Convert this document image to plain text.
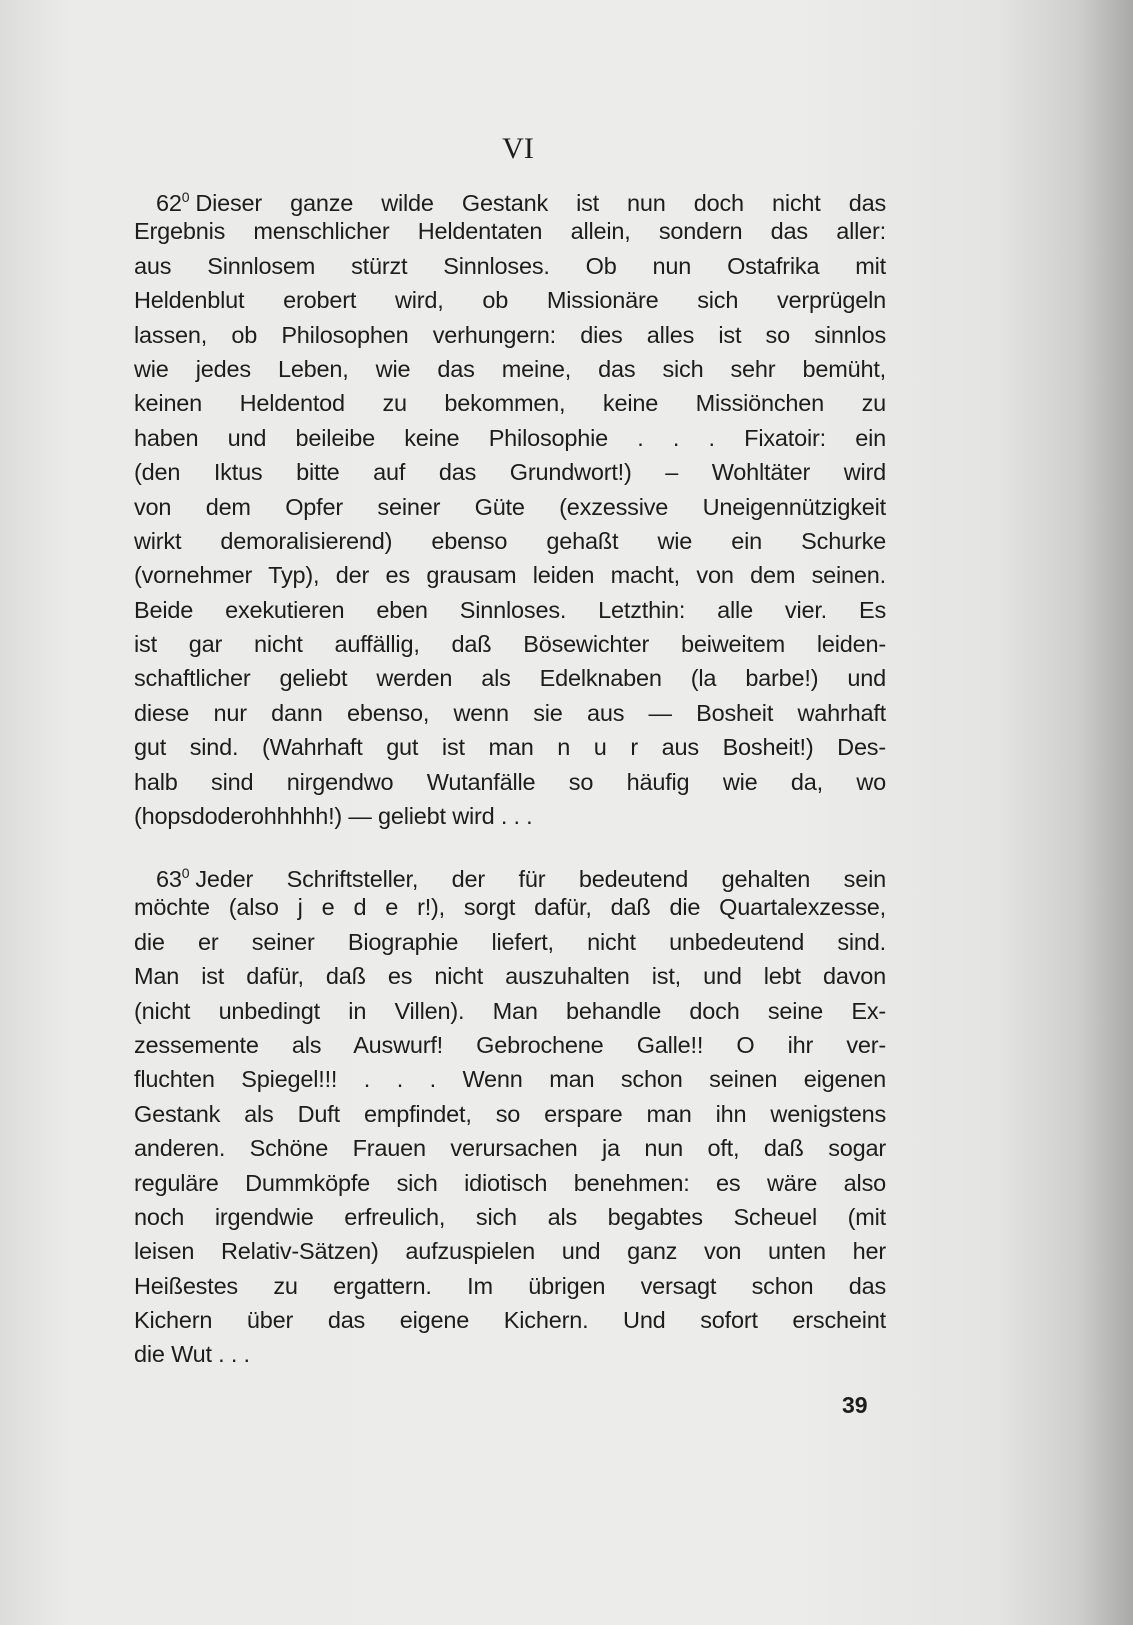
VI
$62^0$ Dieser ganze wilde Gestank ist nun doch nicht das
Ergebnis menschlicher Heldentaten allein, sondern das aller:
aus Sinnlosem stürzt Sinnloses. Ob nun Ostafrika mit
Heldenblut erobert wird, ob Missionäre sich verprügeln
lassen, ob Philosophen verhungern: dies alles ist so sinnlos
wie jedes Leben, wie das meine, das sich sehr bemüht,
keinen Heldentod zu bekommen, keine Missiönchen zu
haben und beileibe keine Philosophie . . . Fixatoir: ein
(den Iktus bitte auf das Grundwort!) – Wohltäter wird
von dem Opfer seiner Güte (exzessive Uneigennützigkeit
wirkt demoralisierend) ebenso gehaßt wie ein Schurke
(vornehmer Typ), der es grausam leiden macht, von dem seinen.
Beide exekutieren eben Sinnloses. Letzthin: alle vier. Es
ist gar nicht auffällig, daß Bösewichter beiweitem leiden-
schaftlicher geliebt werden als Edelknaben (la barbe!) und
diese nur dann ebenso, wenn sie aus — Bosheit wahrhaft
gut sind. (Wahrhaft gut ist man n u r aus Bosheit!) Des-
halb sind nirgendwo Wutanfälle so häufig wie da, wo
(hopsdoderohhhhh!) — geliebt wird . . .
$63^0$ Jeder Schriftsteller, der für bedeutend gehalten sein
möchte (also j e d e r!), sorgt dafür, daß die Quartalexzesse,
die er seiner Biographie liefert, nicht unbedeutend sind.
Man ist dafür, daß es nicht auszuhalten ist, und lebt davon
(nicht unbedingt in Villen). Man behandle doch seine Ex-
zessemente als Auswurf! Gebrochene Galle!! O ihr ver-
fluchten Spiegel!!! . . . Wenn man schon seinen eigenen
Gestank als Duft empfindet, so erspare man ihn wenigstens
anderen. Schöne Frauen verursachen ja nun oft, daß sogar
reguläre Dummköpfe sich idiotisch benehmen: es wäre also
noch irgendwie erfreulich, sich als begabtes Scheuel (mit
leisen Relativ-Sätzen) aufzuspielen und ganz von unten her
Heißestes zu ergattern. Im übrigen versagt schon das
Kichern über das eigene Kichern. Und sofort erscheint
die Wut . . .
39
